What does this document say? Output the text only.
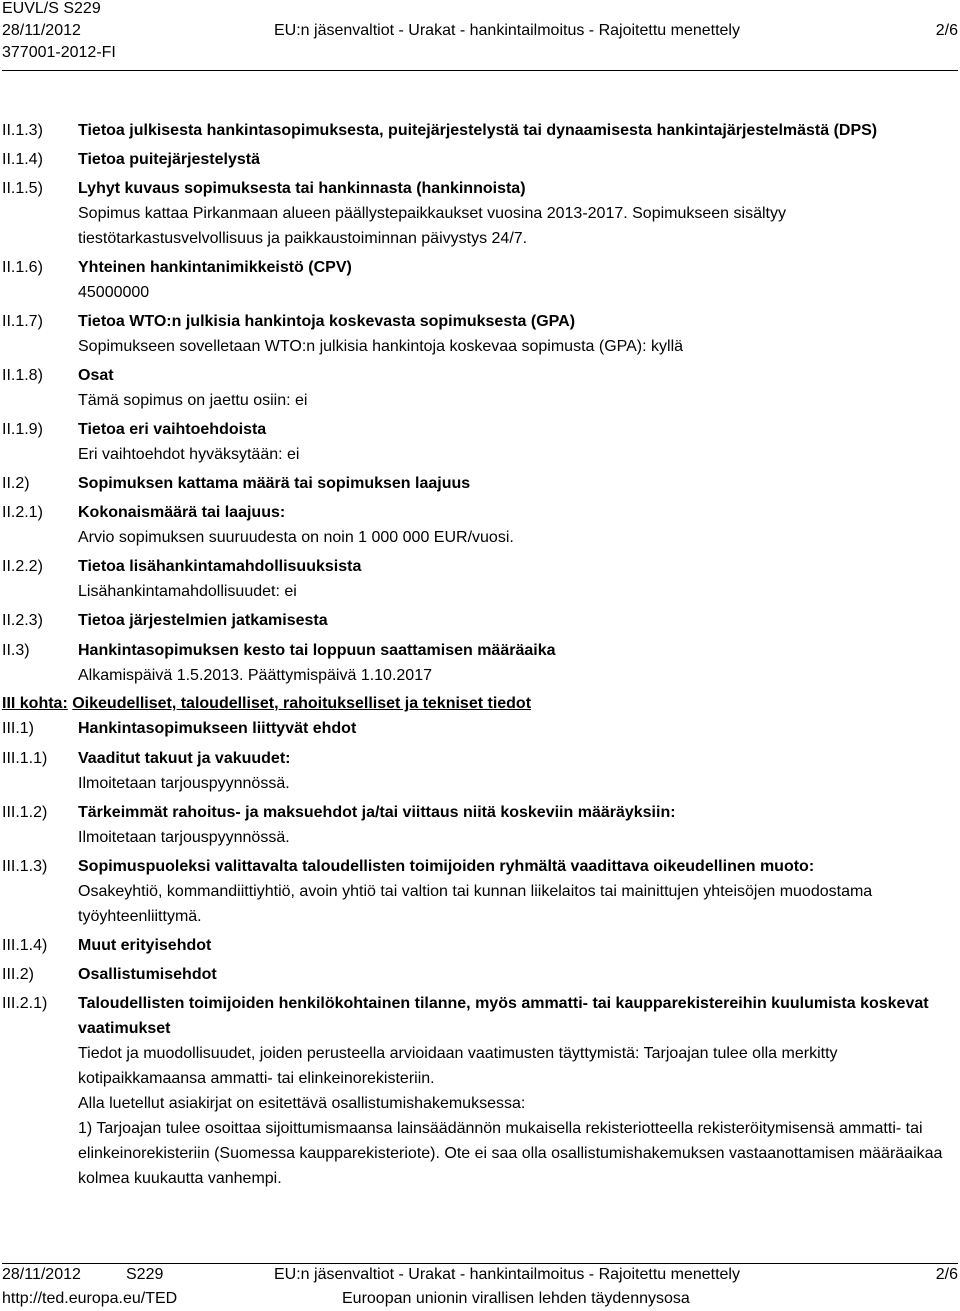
EUVL/S S229
28/11/2012	EU:n jäsenvaltiot - Urakat - hankintailmoitus - Rajoitettu menettely	2/6
377001-2012-FI
II.1.3) Tietoa julkisesta hankintasopimuksesta, puitejärjestelystä tai dynaamisesta hankintajärjestelmästä (DPS)
II.1.4) Tietoa puitejärjestelystä
II.1.5) Lyhyt kuvaus sopimuksesta tai hankinnasta (hankinnoista)
Sopimus kattaa Pirkanmaan alueen päällystepaikkaukset vuosina 2013-2017. Sopimukseen sisältyy tiestötarkastusvelvollisuus ja paikkaustoiminnan päivystys 24/7.
II.1.6) Yhteinen hankintanimikkeistö (CPV)
45000000
II.1.7) Tietoa WTO:n julkisia hankintoja koskevasta sopimuksesta (GPA)
Sopimukseen sovelletaan WTO:n julkisia hankintoja koskevaa sopimusta (GPA): kyllä
II.1.8) Osat
Tämä sopimus on jaettu osiin: ei
II.1.9) Tietoa eri vaihtoehdoista
Eri vaihtoehdot hyväksytään: ei
II.2)	Sopimuksen kattama määrä tai sopimuksen laajuus
II.2.1) Kokonaismäärä tai laajuus:
Arvio sopimuksen suuruudesta on noin 1 000 000 EUR/vuosi.
II.2.2) Tietoa lisähankintamahdollisuuksista
Lisähankintamahdollisuudet: ei
II.2.3) Tietoa järjestelmien jatkamisesta
II.3)	Hankintasopimuksen kesto tai loppuun saattamisen määräaika
Alkamispäivä 1.5.2013. Päättymispäivä 1.10.2017
III kohta: Oikeudelliset, taloudelliset, rahoitukselliset ja tekniset tiedot
III.1)	Hankintasopimukseen liittyvät ehdot
III.1.1) Vaaditut takuut ja vakuudet:
Ilmoitetaan tarjouspyynnössä.
III.1.2) Tärkeimmät rahoitus- ja maksuehdot ja/tai viittaus niitä koskeviin määräyksiin:
Ilmoitetaan tarjouspyynnössä.
III.1.3) Sopimuspuoleksi valittavalta taloudellisten toimijoiden ryhmältä vaadittava oikeudellinen muoto:
Osakeyhtiö, kommandiittiyhtiö, avoin yhtiö tai valtion tai kunnan liikelaitos tai mainittujen yhteisöjen muodostama työyhteenliittymä.
III.1.4) Muut erityisehdot
III.2)	Osallistumisehdot
III.2.1) Taloudellisten toimijoiden henkilökohtainen tilanne, myös ammatti- tai kaupparekistereihin kuulumista koskevat vaatimukset
Tiedot ja muodollisuudet, joiden perusteella arvioidaan vaatimusten täyttymistä: Tarjoajan tulee olla merkitty kotipaikkamaansa ammatti- tai elinkeinorekisteriin.
Alla luetellut asiakirjat on esitettävä osallistumishakemuksessa:
1) Tarjoajan tulee osoittaa sijoittumismaansa lainsäädännön mukaisella rekisteriotteella rekisteröitymisensä ammatti- tai elinkeinorekisteriin (Suomessa kaupparekisteriote). Ote ei saa olla osallistumishakemuksen vastaanottamisen määräaikaa kolmea kuukautta vanhempi.
28/11/2012	S229	EU:n jäsenvaltiot - Urakat - hankintailmoitus - Rajoitettu menettely	2/6
http://ted.europa.eu/TED	Euroopan unionin virallisen lehden täydennysosa
